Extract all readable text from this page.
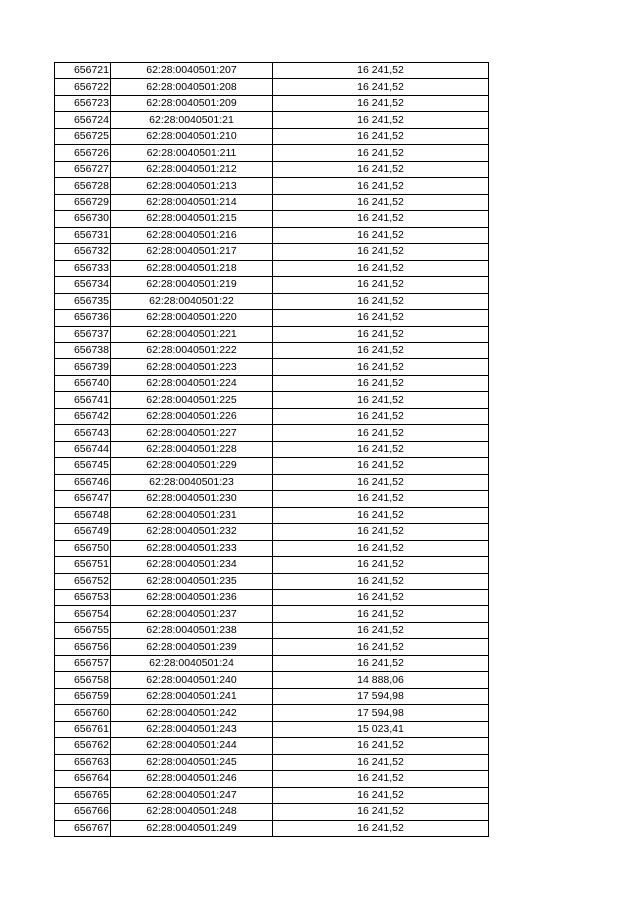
656721	62:28:0040501:207	16 241,52
656722	62:28:0040501:208	16 241,52
656723	62:28:0040501:209	16 241,52
656724	62:28:0040501:21	16 241,52
656725	62:28:0040501:210	16 241,52
656726	62:28:0040501:211	16 241,52
656727	62:28:0040501:212	16 241,52
656728	62:28:0040501:213	16 241,52
656729	62:28:0040501:214	16 241,52
656730	62:28:0040501:215	16 241,52
656731	62:28:0040501:216	16 241,52
656732	62:28:0040501:217	16 241,52
656733	62:28:0040501:218	16 241,52
656734	62:28:0040501:219	16 241,52
656735	62:28:0040501:22	16 241,52
656736	62:28:0040501:220	16 241,52
656737	62:28:0040501:221	16 241,52
656738	62:28:0040501:222	16 241,52
656739	62:28:0040501:223	16 241,52
656740	62:28:0040501:224	16 241,52
656741	62:28:0040501:225	16 241,52
656742	62:28:0040501:226	16 241,52
656743	62:28:0040501:227	16 241,52
656744	62:28:0040501:228	16 241,52
656745	62:28:0040501:229	16 241,52
656746	62:28:0040501:23	16 241,52
656747	62:28:0040501:230	16 241,52
656748	62:28:0040501:231	16 241,52
656749	62:28:0040501:232	16 241,52
656750	62:28:0040501:233	16 241,52
656751	62:28:0040501:234	16 241,52
656752	62:28:0040501:235	16 241,52
656753	62:28:0040501:236	16 241,52
656754	62:28:0040501:237	16 241,52
656755	62:28:0040501:238	16 241,52
656756	62:28:0040501:239	16 241,52
656757	62:28:0040501:24	16 241,52
656758	62:28:0040501:240	14 888,06
656759	62:28:0040501:241	17 594,98
656760	62:28:0040501:242	17 594,98
656761	62:28:0040501:243	15 023,41
656762	62:28:0040501:244	16 241,52
656763	62:28:0040501:245	16 241,52
656764	62:28:0040501:246	16 241,52
656765	62:28:0040501:247	16 241,52
656766	62:28:0040501:248	16 241,52
656767	62:28:0040501:249	16 241,52
